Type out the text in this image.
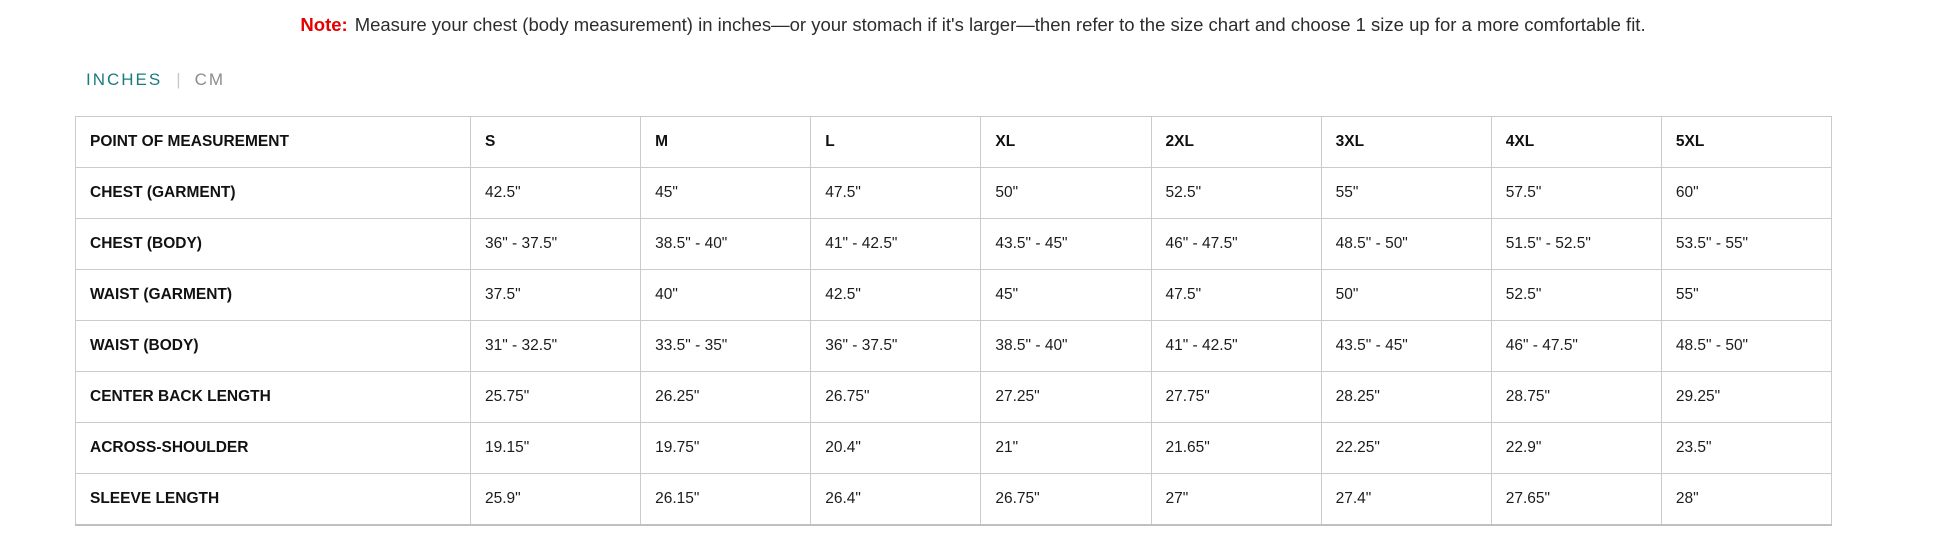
Note: Measure your chest (body measurement) in inches—or your stomach if it's larger—then refer to the size chart and choose 1 size up for a more comfortable fit.
INCHES | CM
POINT OF MEASUREMENT	S	M	L	XL	2XL	3XL	4XL	5XL
CHEST (GARMENT)	42.5"	45"	47.5"	50"	52.5"	55"	57.5"	60"
CHEST (BODY)	36" - 37.5"	38.5" - 40"	41" - 42.5"	43.5" - 45"	46" - 47.5"	48.5" - 50"	51.5" - 52.5"	53.5" - 55"
WAIST (GARMENT)	37.5"	40"	42.5"	45"	47.5"	50"	52.5"	55"
WAIST (BODY)	31" - 32.5"	33.5" - 35"	36" - 37.5"	38.5" - 40"	41" - 42.5"	43.5" - 45"	46" - 47.5"	48.5" - 50"
CENTER BACK LENGTH	25.75"	26.25"	26.75"	27.25"	27.75"	28.25"	28.75"	29.25"
ACROSS-SHOULDER	19.15"	19.75"	20.4"	21"	21.65"	22.25"	22.9"	23.5"
SLEEVE LENGTH	25.9"	26.15"	26.4"	26.75"	27"	27.4"	27.65"	28"
